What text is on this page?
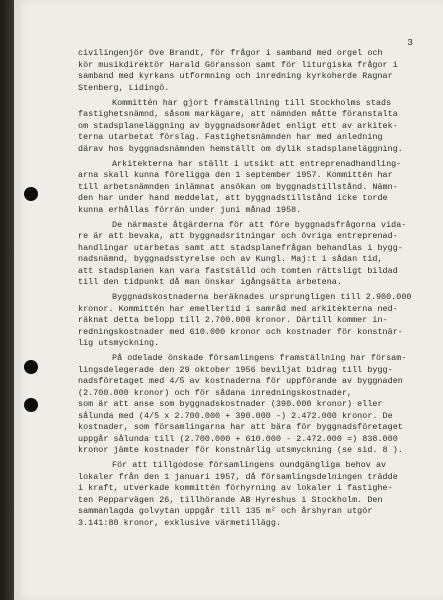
3
civilingenjör Ove Brandt, för frågor i samband med orgel och
kör musikdirektör Harald Göransson samt för liturgiska frågor i
samband med kyrkans utformning och inredning kyrkoherde Ragnar
Stenberg, Lidingö.
Kommittén har gjort framställning till Stockholms stads
fastighetsnämnd, såsom markägare, att nämnden måtte föranstalta
om stadsplaneläggning av byggnadsområdet enligt ett av arkitek-
terna utarbetat förslag. Fastighetsnämnden har med anledning
därav hos byggnadsnämnden hemställt om dylik stadsplaneläggning.
Arkitekterna har ställt i utsikt att entreprenadhandling-
arna skall kunna föreligga den 1 september 1957. Kommittén har
till arbetsnämnden inlämnat ansökan om byggnadstillstånd. Nämn-
den har under hand meddelat, att byggnadstillstånd icke torde
kunna erhållas förrän under juni månad 1958.
De närmaste åtgärderna för att före byggnadsfrågorna vida-
re är att bevaka, att byggnadsritningar och övriga entreprenad-
handlingar utarbetas samt att stadsplanefrågan behandlas i bygg-
nadsnämnd, byggnadsstyrelse och av Kungl. Maj:t i sådan tid,
att stadsplanen kan vara fastställd och tomten rättsligt bildad
till den tidpunkt då man önskar igångsätta arbetena.
Byggnadskostnaderna beräknades ursprungligen till 2.900.000
kronor. Kommittén har emellertid i samråd med arkitekterna ned-
räknat detta belopp till 2.700.000 kronor. Därtill kommer in-
redningskostnader med 610.000 kronor och kostnader för konstnär-
lig utsmyckning.
På odelade önskade församlingens framställning har försam-
lingsdelegerade den 29 oktober 1956 beviljat bidrag till bygg-
nadsföretaget med 4/5 av kostnaderna för uppförande av byggnaden
(2.700.000 kronor) och för sådana inredningskostnader,
som är att anse som byggnadskostnader (390.000 kronor) eller
sålunda med (4/5 x 2.700.000 + 390.000 -) 2.472.000 kronor. De
kostnader, som församlingarna har att bära för byggnadsföretaget
uppgår sålunda till (2.700.000 + 610.000 - 2.472.000 =) 838.000
kronor jämte kostnader för konstnärlig utsmyckning (se sid. 8 ).
För att tillgodose församlingens oundgängliga behov av
lokaler från den 1 januari 1957, då församlingsdelningen trädde
i kraft, utverkade kommittén förhyrning av lokaler i fastighe-
ten Pepparvägen 26, tillhörande AB Hyreshus i Stockholm. Den
sammanlagda golvytan uppgår till 135 m² och årshyran utgör
3.141:80 kronor, exklusive värmetillägg.
